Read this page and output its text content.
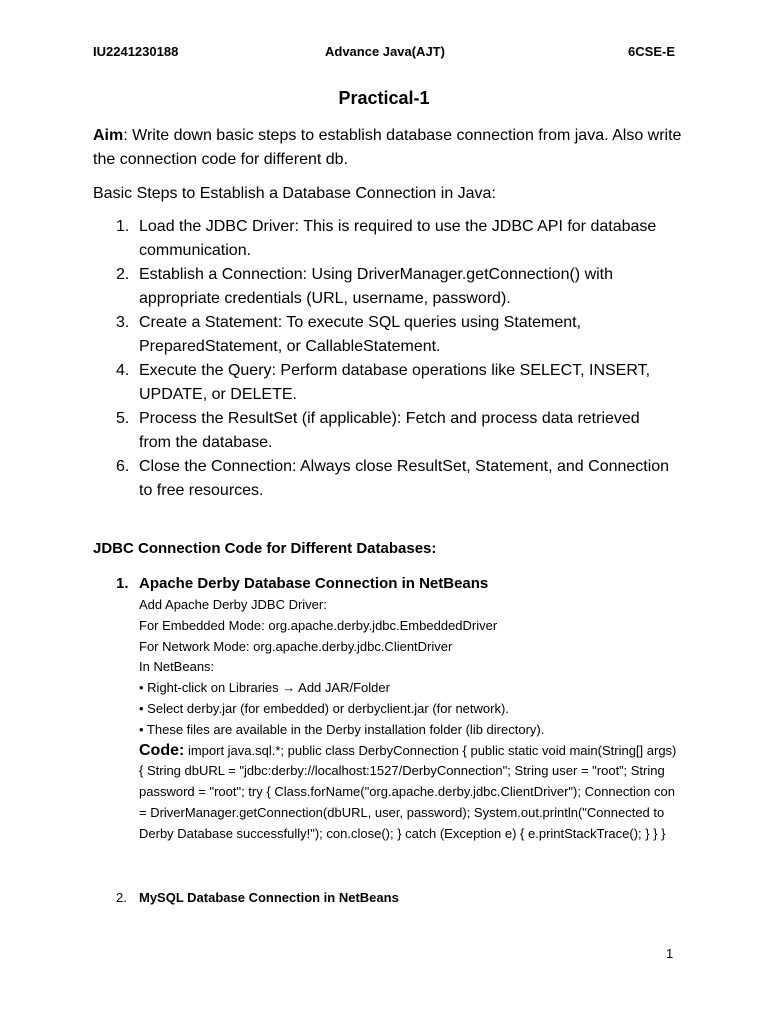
IU2241230188	Advance Java(AJT)	6CSE-E
Practical-1
Aim: Write down basic steps to establish database connection from java. Also write the connection code for different db.
Basic Steps to Establish a Database Connection in Java:
1. Load the JDBC Driver: This is required to use the JDBC API for database communication.
2. Establish a Connection: Using DriverManager.getConnection() with appropriate credentials (URL, username, password).
3. Create a Statement: To execute SQL queries using Statement, PreparedStatement, or CallableStatement.
4. Execute the Query: Perform database operations like SELECT, INSERT, UPDATE, or DELETE.
5. Process the ResultSet (if applicable): Fetch and process data retrieved from the database.
6. Close the Connection: Always close ResultSet, Statement, and Connection to free resources.
JDBC Connection Code for Different Databases:
1. Apache Derby Database Connection in NetBeans
Add Apache Derby JDBC Driver:
For Embedded Mode: org.apache.derby.jdbc.EmbeddedDriver
For Network Mode: org.apache.derby.jdbc.ClientDriver
In NetBeans:
• Right-click on Libraries → Add JAR/Folder
• Select derby.jar (for embedded) or derbyclient.jar (for network).
• These files are available in the Derby installation folder (lib directory).
Code: import java.sql.*; public class DerbyConnection { public static void main(String[] args) { String dbURL = "jdbc:derby://localhost:1527/DerbyConnection"; String user = "root”; String password = "root"; try { Class.forName("org.apache.derby.jdbc.ClientDriver"); Connection con = DriverManager.getConnection(dbURL, user, password); System.out.println("Connected to Derby Database successfully!"); con.close(); } catch (Exception e) { e.printStackTrace(); } } }
2. MySQL Database Connection in NetBeans
1
